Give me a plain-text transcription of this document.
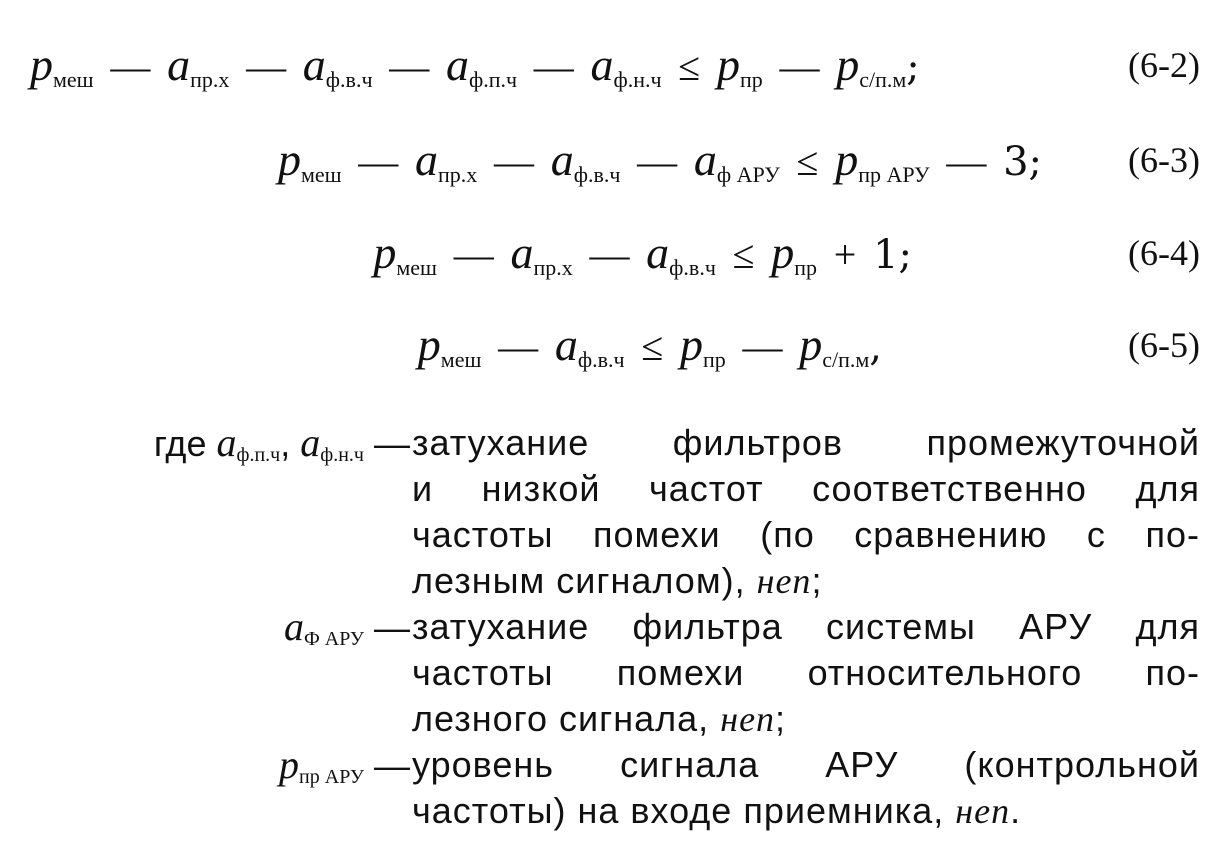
pмеш — aпр.х — aф.в.ч — aф.п.ч — aф.н.ч ≤ pпр — pс/п.м;	(6-2)
pмеш — aпр.х — aф.в.ч — aф АРУ ≤ pпр АРУ — 3; (6-3)
pмеш — aпр.х — aф.в.ч ≤ pпр + 1;	(6-4)
pмеш — aф.в.ч ≤ pпр — pс/п.м,	(6-5)
где aф.п.ч, aф.н.ч — затухание фильтров промежуточной
и низкой частот соответственно для
частоты помехи (по сравнению с по-
лезным сигналом), неп;
aФ АРУ — затухание фильтра системы АРУ для
частоты помехи относительного по-
лезного сигнала, неп;
pпр АРУ — уровень сигнала АРУ (контрольной
частоты) на входе приемника, неп.
